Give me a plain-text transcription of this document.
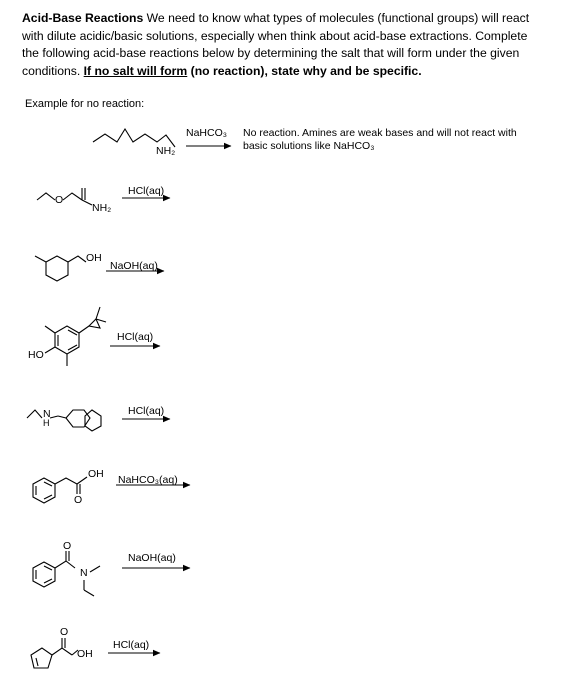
Acid-Base Reactions We need to know what types of molecules (functional groups) will react with dilute acidic/basic solutions, especially when think about acid-base extractions. Complete the following acid-base reactions below by determining the salt that will form under the given conditions. If no salt will form (no reaction), state why and be specific.
Example for no reaction:
NH₂
NaHCO₃ No reaction. Amines are weak bases and will not react with
basic solutions like NaHCO₃
O
NH₂
HCl(aq)
OH
NaOH(aq)
HO
HCl(aq)
N
H
HCl(aq)
OH
O
NaHCO₃(aq)
O
N
NaOH(aq)
O
OH
HCl(aq)
